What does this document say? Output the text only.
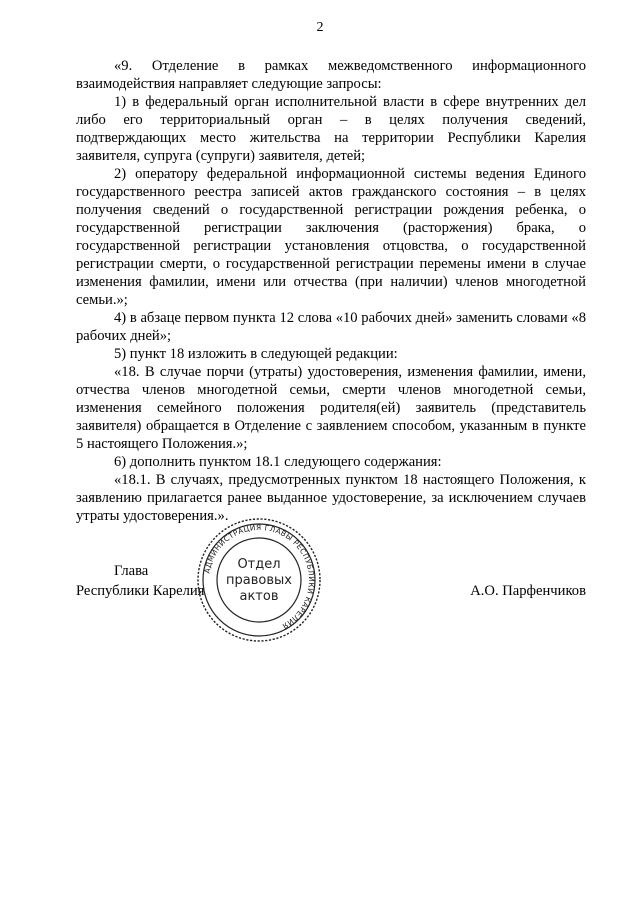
2

«9. Отделение в рамках межведомственного информационного взаимодействия направляет следующие запросы:

1) в федеральный орган исполнительной власти в сфере внутренних дел либо его территориальный орган – в целях получения сведений, подтверждающих место жительства на территории Республики Карелия заявителя, супруга (супруги) заявителя, детей;

2) оператору федеральной информационной системы ведения Единого государственного реестра записей актов гражданского состояния – в целях получения сведений о государственной регистрации рождения ребенка, о государственной регистрации заключения (расторжения) брака, о государственной регистрации установления отцовства, о государственной регистрации смерти, о государственной регистрации перемены имени в случае изменения фамилии, имени или отчества (при наличии) членов многодетной семьи.»;

4) в абзаце первом пункта 12 слова «10 рабочих дней» заменить словами «8 рабочих дней»;

5) пункт 18 изложить в следующей редакции:

«18. В случае порчи (утраты) удостоверения, изменения фамилии, имени, отчества членов многодетной семьи, смерти членов многодетной семьи, изменения семейного положения родителя(ей) заявитель (представитель заявителя) обращается в Отделение с заявлением способом, указанным в пункте 5 настоящего Положения.»;

6) дополнить пунктом 18.1 следующего содержания:

«18.1. В случаях, предусмотренных пунктом 18 настоящего Положения, к заявлению прилагается ранее выданное удостоверение, за исключением случаев утраты удостоверения.».

Глава
Республики Карелия	А.О. Парфенчиков
АДМИНИСТРАЦИЯ ГЛАВЫ РЕСПУБЛИКИ КАРЕЛИЯ
Отдел
правовых
актов
